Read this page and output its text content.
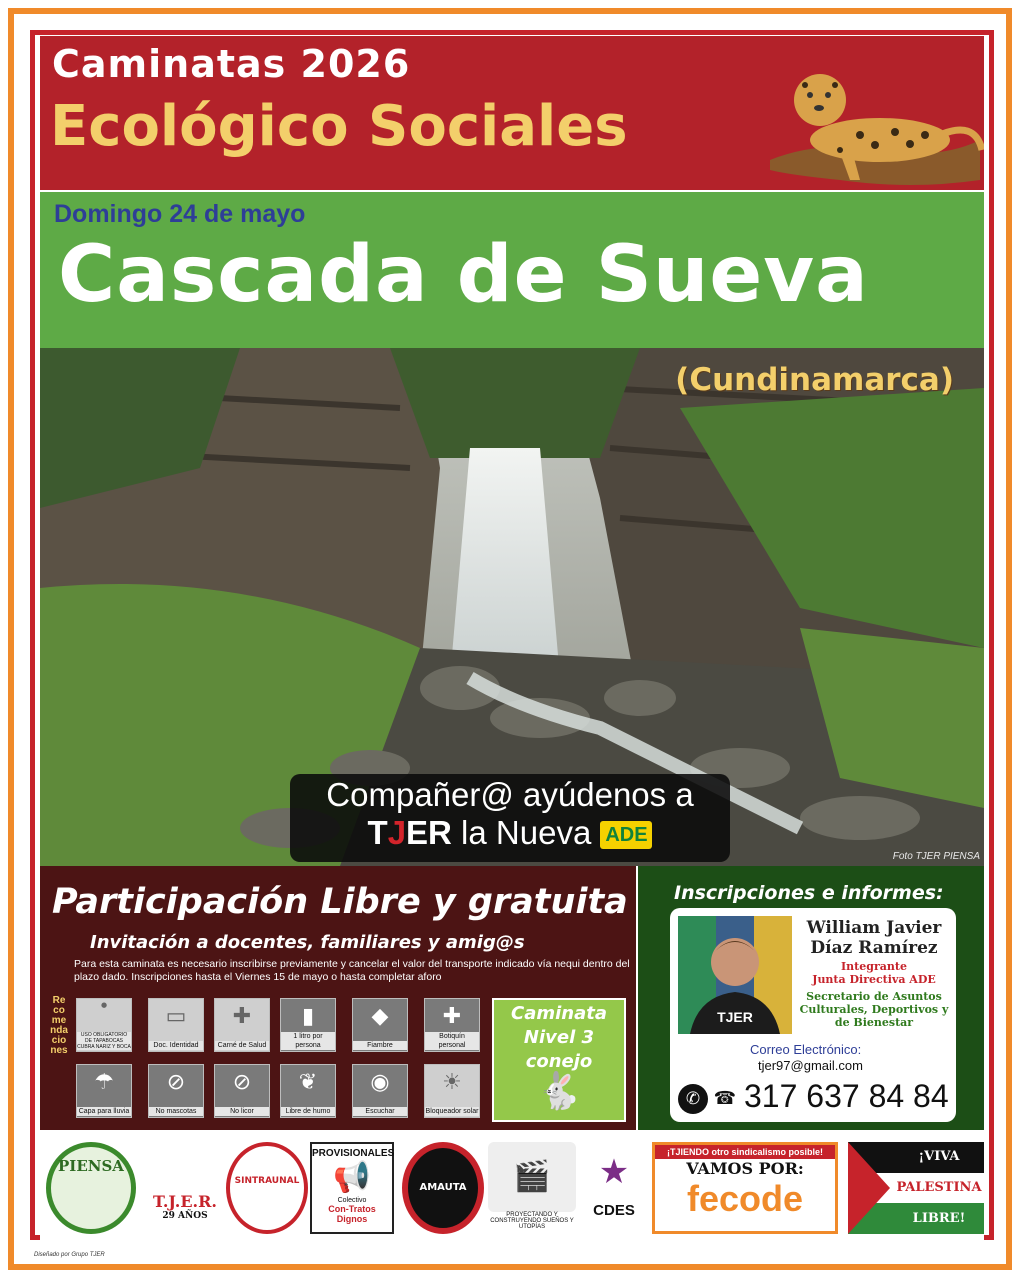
Caminatas 2026
Ecológico Sociales
Domingo 24 de mayo
Cascada de Sueva
(Cundinamarca)
Compañer@ ayúdenos a
TJER la Nueva ADE
Foto TJER PIENSA
Participación Libre y gratuita
Invitación a docentes, familiares y amig@s
Para esta caminata es necesario inscribirse previamente y cancelar el valor del transporte indicado vía nequi dentro del plazo dado. Inscripciones hasta el Viernes 15 de mayo o hasta completar aforo
Recomendaciones
●
USO OBLIGATORIO DE TAPABOCAS CUBRA NARIZ Y BOCA
▭
Doc. Identidad
✚
Carné de Salud
▮
1 litro por persona
◆
Fiambre
✚
Botiquín personal
☂
Capa para lluvia
⊘
No mascotas
⊘
No licor
❦
Libre de humo
◉
Escuchar
☀
Bloqueador solar
Caminata
Nivel 3
conejo
🐇
Inscripciones e informes:
TJER
William Javier
Díaz Ramírez
Integrante
Junta Directiva ADE
Secretario de Asuntos Culturales, Deportivos y de Bienestar
Correo Electrónico:
tjer97@gmail.com
✆ ☎ 317 637 84 84
PIENSA
T.J.E.R.
29 AÑOS
SINTRAUNAL
PROVISIONALES
📢
Colectivo
Con-Tratos Dignos
AMAUTA	🎬
PROYECTANDO Y CONSTRUYENDO SUEÑOS Y UTOPÍAS
★
CDES
¡TJIENDO otro sindicalismo posible!
VAMOS POR:
fecode
¡VIVA
PALESTINA
LIBRE!
Diseñado por Grupo TJER
